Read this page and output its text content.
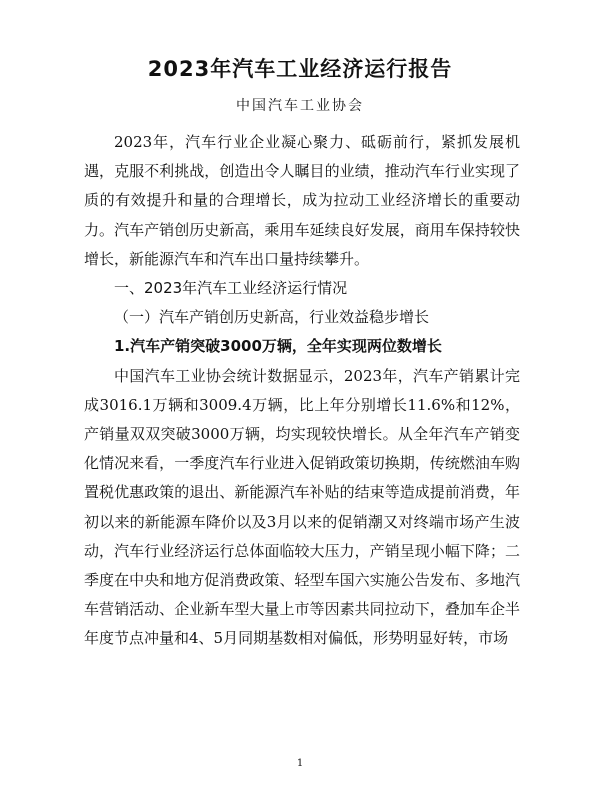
2023年汽车工业经济运行报告
中国汽车工业协会

2023年，汽车行业企业凝心聚力、砥砺前行，紧抓发展机遇，克服不利挑战，创造出令人瞩目的业绩，推动汽车行业实现了质的有效提升和量的合理增长，成为拉动工业经济增长的重要动力。汽车产销创历史新高，乘用车延续良好发展，商用车保持较快增长，新能源汽车和汽车出口量持续攀升。

一、2023年汽车工业经济运行情况

（一）汽车产销创历史新高，行业效益稳步增长

1.汽车产销突破3000万辆，全年实现两位数增长

中国汽车工业协会统计数据显示，2023年，汽车产销累计完成3016.1万辆和3009.4万辆，比上年分别增长11.6%和12%，产销量双双突破3000万辆，均实现较快增长。从全年汽车产销变化情况来看，一季度汽车行业进入促销政策切换期，传统燃油车购置税优惠政策的退出、新能源汽车补贴的结束等造成提前消费，年初以来的新能源车降价以及3月以来的促销潮又对终端市场产生波动，汽车行业经济运行总体面临较大压力，产销呈现小幅下降；二季度在中央和地方促消费政策、轻型车国六实施公告发布、多地汽车营销活动、企业新车型大量上市等因素共同拉动下，叠加车企半年度节点冲量和4、5月同期基数相对偏低，形势明显好转，市场

1
